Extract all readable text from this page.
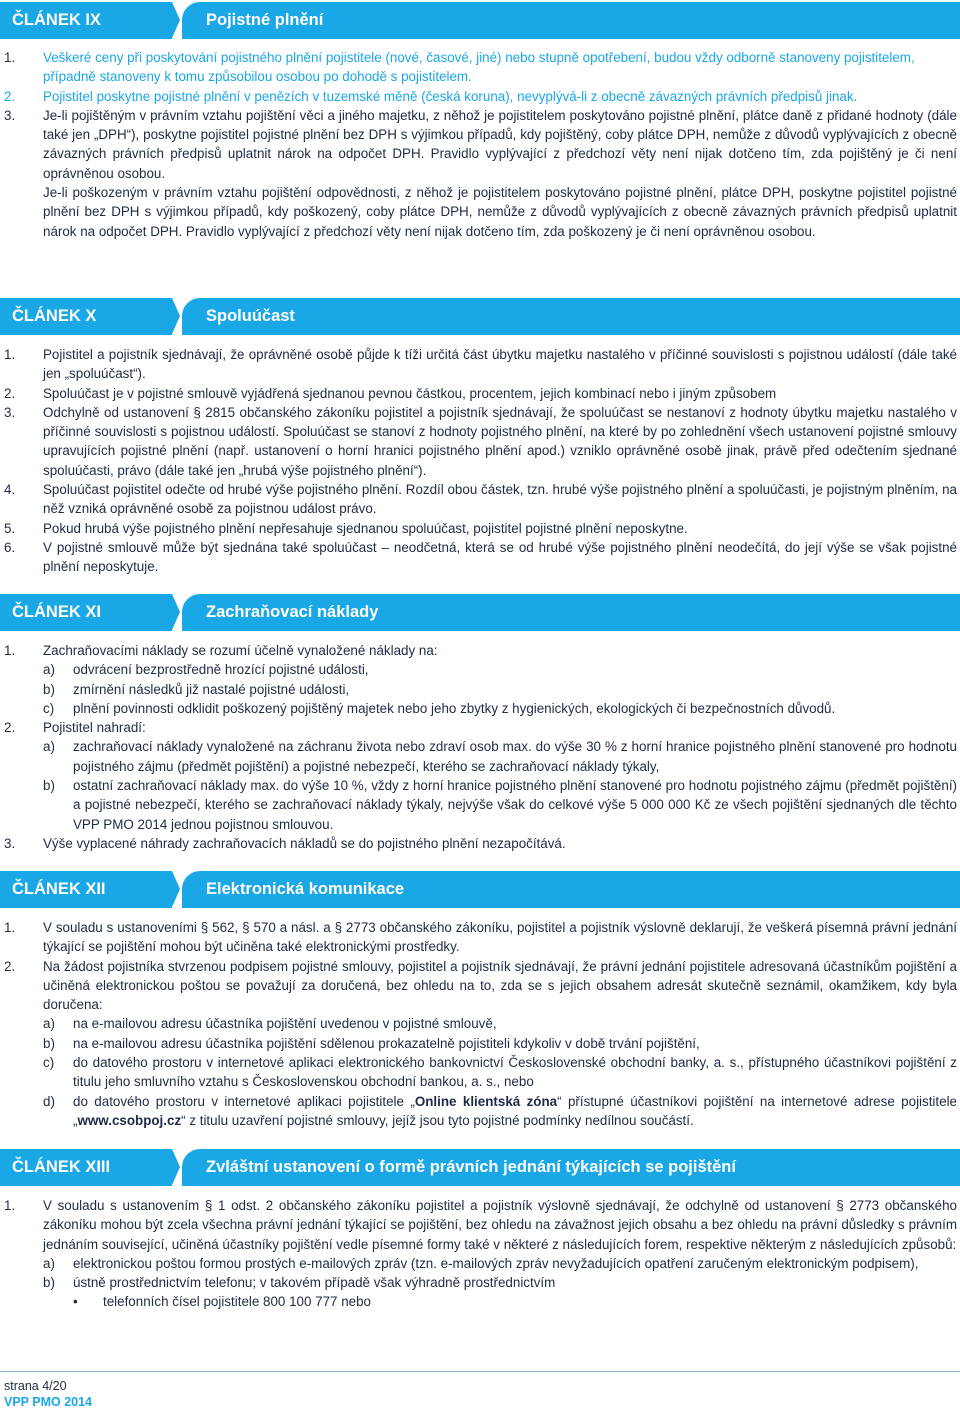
ČLÁNEK IX	Pojistné plnění
1. Veškeré ceny při poskytování pojistného plnění pojistitele (nové, časové, jiné) nebo stupně opotřebení, budou vždy odborně stanoveny pojistitelem, případně stanoveny k tomu způsobilou osobou po dohodě s pojistitelem.
2. Pojistitel poskytne pojistné plnění v penězích v tuzemské měně (česká koruna), nevyplývá-li z obecně závazných právních předpisů jinak.
3. Je-li pojištěným v právním vztahu pojištění věci a jiného majetku, z něhož je pojistitelem poskytováno pojistné plnění, plátce daně z přidané hodnoty (dále také jen „DPH“), poskytne pojistitel pojistné plnění bez DPH s výjimkou případů, kdy pojištěný, coby plátce DPH, nemůže z důvodů vyplývajících z obecně závazných právních předpisů uplatnit nárok na odpočet DPH. Pravidlo vyplývající z předchozí věty není nijak dotčeno tím, zda pojištěný je či není oprávněnou osobou.
Je-li poškozeným v právním vztahu pojištění odpovědnosti, z něhož je pojistitelem poskytováno pojistné plnění, plátce DPH, poskytne pojistitel pojistné plnění bez DPH s výjimkou případů, kdy poškozený, coby plátce DPH, nemůže z důvodů vyplývajících z obecně závazných právních předpisů uplatnit nárok na odpočet DPH. Pravidlo vyplývající z předchozí věty není nijak dotčeno tím, zda poškozený je či není oprávněnou osobou.
ČLÁNEK X	Spoluúčast
1. Pojistitel a pojistník sjednávají, že oprávněné osobě půjde k tíži určitá část úbytku majetku nastalého v příčinné souvislosti s pojistnou událostí (dále také jen „spoluúčast“).
2. Spoluúčast je v pojistné smlouvě vyjádřená sjednanou pevnou částkou, procentem, jejich kombinací nebo i jiným způsobem
3. Odchylně od ustanovení § 2815 občanského zákoníku pojistitel a pojistník sjednávají, že spoluúčast se nestanoví z hodnoty úbytku majetku nastalého v příčinné souvislosti s pojistnou událostí. Spoluúčast se stanoví z hodnoty pojistného plnění, na které by po zohlednění všech ustanovení pojistné smlouvy upravujících pojistné plnění (např. ustanovení o horní hranici pojistného plnění apod.) vzniklo oprávněné osobě jinak, právě před odečtením sjednané spoluúčasti, právo (dále také jen „hrubá výše pojistného plnění“).
4. Spoluúčast pojistitel odečte od hrubé výše pojistného plnění. Rozdíl obou částek, tzn. hrubé výše pojistného plnění a spoluúčasti, je pojistným plněním, na něž vzniká oprávněné osobě za pojistnou událost právo.
5. Pokud hrubá výše pojistného plnění nepřesahuje sjednanou spoluúčast, pojistitel pojistné plnění neposkytne.
6. V pojistné smlouvě může být sjednána také spoluúčast – neodčetná, která se od hrubé výše pojistného plnění neodečítá, do její výše se však pojistné plnění neposkytuje.
ČLÁNEK XI	Zachraňovací náklady
1. Zachraňovacími náklady se rozumí účelně vynaložené náklady na:
a) odvrácení bezprostředně hrozící pojistné události,
b) zmírnění následků již nastalé pojistné události,
c) plnění povinnosti odklidit poškozený pojištěný majetek nebo jeho zbytky z hygienických, ekologických či bezpečnostních důvodů.
2. Pojistitel nahradí:
a) zachraňovací náklady vynaložené na záchranu života nebo zdraví osob max. do výše 30 % z horní hranice pojistného plnění stanovené pro hodnotu pojistného zájmu (předmět pojištění) a pojistné nebezpečí, kterého se zachraňovací náklady týkaly,
b) ostatní zachraňovací náklady max. do výše 10 %, vždy z horní hranice pojistného plnění stanovené pro hodnotu pojistného zájmu (předmět pojištění) a pojistné nebezpečí, kterého se zachraňovací náklady týkaly, nejvýše však do celkové výše 5 000 000 Kč ze všech pojištění sjednaných dle těchto VPP PMO 2014 jednou pojistnou smlouvou.
3. Výše vyplacené náhrady zachraňovacích nákladů se do pojistného plnění nezapočítává.
ČLÁNEK XII	Elektronická komunikace
1. V souladu s ustanoveními § 562, § 570 a násl. a § 2773 občanského zákoníku, pojistitel a pojistník výslovně deklarují, že veškerá písemná právní jednání týkající se pojištění mohou být učiněna také elektronickými prostředky.
2. Na žádost pojistníka stvrzenou podpisem pojistné smlouvy, pojistitel a pojistník sjednávají, že právní jednání pojistitele adresovaná účastníkům pojištění a učiněná elektronickou poštou se považují za doručená, bez ohledu na to, zda se s jejich obsahem adresát skutečně seznámil, okamžikem, kdy byla doručena:
a) na e-mailovou adresu účastníka pojištění uvedenou v pojistné smlouvě,
b) na e-mailovou adresu účastníka pojištění sdělenou prokazatelně pojistiteli kdykoliv v době trvání pojištění,
c) do datového prostoru v internetové aplikaci elektronického bankovnictví Československé obchodní banky, a. s., přístupného účastníkovi pojištění z titulu jeho smluvního vztahu s Československou obchodní bankou, a. s., nebo
d) do datového prostoru v internetové aplikaci pojistitele „Online klientská zóna“ přístupné účastníkovi pojištění na internetové adrese pojistitele „www.csobpoj.cz“ z titulu uzavření pojistné smlouvy, jejíž jsou tyto pojistné podmínky nedílnou součástí.
ČLÁNEK XIII	Zvláštní ustanovení o formě právních jednání týkajících se pojištění
1. V souladu s ustanovením § 1 odst. 2 občanského zákoníku pojistitel a pojistník výslovně sjednávají, že odchylně od ustanovení § 2773 občanského zákoníku mohou být zcela všechna právní jednání týkající se pojištění, bez ohledu na závažnost jejich obsahu a bez ohledu na právní důsledky s právním jednáním související, učiněná účastníky pojištění vedle písemné formy také v některé z následujících forem, respektive některým z následujících způsobů:
a) elektronickou poštou formou prostých e-mailových zpráv (tzn. e-mailových zpráv nevyžadujících opatření zaručeným elektronickým podpisem),
b) ústně prostřednictvím telefonu; v takovém případě však výhradně prostřednictvím
• telefonních čísel pojistitele 800 100 777 nebo
strana 4/20
VPP PMO 2014
